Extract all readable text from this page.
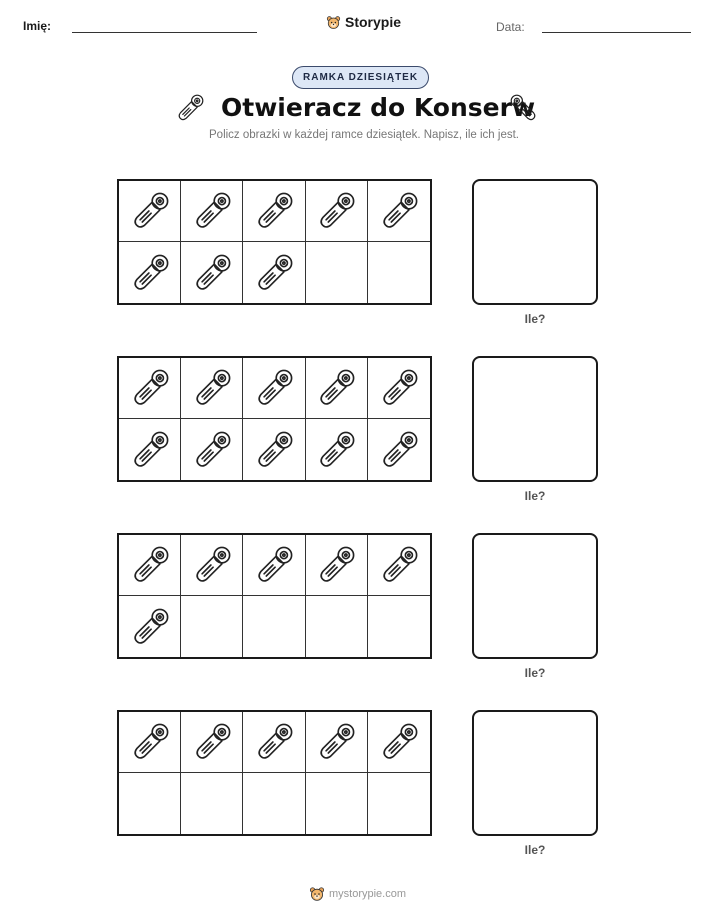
Imię:	Storypie	Data:
RAMKA DZIESIĄTEK
Otwieracz do Konserw
Policz obrazki w każdej ramce dziesiątek. Napisz, ile ich jest.
Ile?
Ile?
Ile?
Ile?
mystorypie.com
